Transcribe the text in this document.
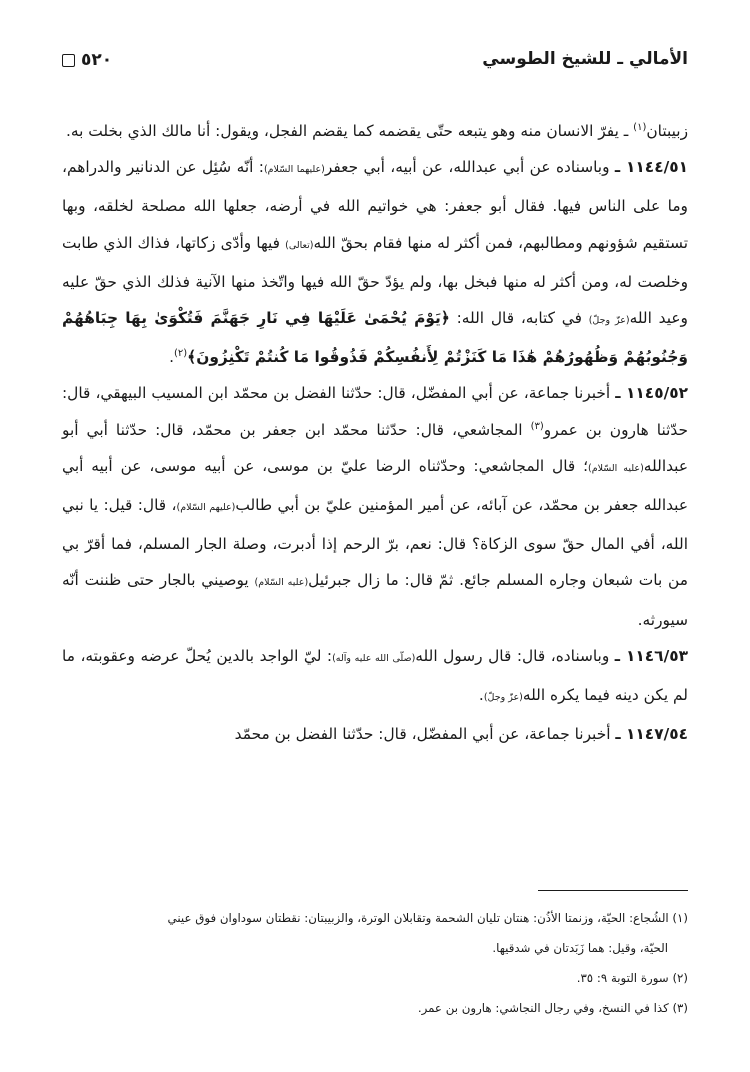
٥٢٠	الأمالي ـ للشيخ الطوسي

زبيبتان$^{(١)}$ ـ يفرّ الانسان منه وهو يتبعه حتّى يقضمه كما يقضم الفجل، ويقول: أنا مالك الذي بخلت به.

١١٤٤/٥١ ـ وباسناده عن أبي عبدالله، عن أبيه، أبي جعفر(عليهما السّلام): أنّه سُئِل عن الدنانير والدراهم، وما على الناس فيها. فقال أبو جعفر: هي خواتيم الله في أرضه، جعلها الله مصلحة لخلقه، وبها تستقيم شؤونهم ومطالبهم، فمن أكثر له منها فقام بحقّ الله(تعالى) فيها وأدّى زكاتها، فذاك الذي طابت وخلصت له، ومن أكثر له منها فبخل بها، ولم يؤدّ حقّ الله فيها واتّخذ منها الآنية فذلك الذي حقّ عليه وعيد الله(عزّ وجلّ) في كتابه، قال الله: ﴿يَوْمَ يُحْمَىٰ عَلَيْهَا فِي نَارِ جَهَنَّمَ فَتُكْوَىٰ بِهَا جِبَاهُهُمْ وَجُنُوبُهُمْ وَظُهُورُهُمْ هَٰذَا مَا كَنَزْتُمْ لِأَنفُسِكُمْ فَذُوقُوا مَا كُنتُمْ تَكْنِزُونَ﴾$^{(٢)}$.

١١٤٥/٥٢ ـ أخبرنا جماعة، عن أبي المفضّل، قال: حدّثنا الفضل بن محمّد ابن المسيب البيهقي، قال: حدّثنا هارون بن عمرو$^{(٣)}$ المجاشعي، قال: حدّثنا محمّد ابن جعفر بن محمّد، قال: حدّثنا أبي أبو عبدالله(عليه السّلام)؛ قال المجاشعي: وحدّثناه الرضا عليّ بن موسى، عن أبيه موسى، عن أبيه أبي عبدالله جعفر بن محمّد، عن آبائه، عن أمير المؤمنين عليّ بن أبي طالب(عليهم السّلام)، قال: قيل: يا نبي الله، أفي المال حقّ سوى الزكاة؟ قال: نعم، برّ الرحم إذا أدبرت، وصلة الجار المسلم، فما أقرّ بي من بات شبعان وجاره المسلم جائع. ثمّ قال: ما زال جبرئيل(عليه السّلام) يوصيني بالجار حتى ظننت أنّه سيورثه.

١١٤٦/٥٣ ـ وباسناده، قال: قال رسول الله(صلّى الله عليه وآله): ليّ الواجد بالدين يُحلّ عرضه وعقوبته، ما لم يكن دينه فيما يكره الله(عزّ وجلّ).

١١٤٧/٥٤ ـ أخبرنا جماعة، عن أبي المفضّل، قال: حدّثنا الفضل بن محمّد

(١) الشُجاع: الحيّة، وزنمتا الأذُن: هنتان تليان الشحمة وتقابلان الوترة، والزبيبتان: نقطتان سوداوان فوق عيني

الحيّة، وقيل: هما زَبَدتان في شدقيها.

(٢) سورة التوبة ٩: ٣٥.

(٣) كذا في النسخ، وفي رجال النجاشي: هارون بن عمر.
